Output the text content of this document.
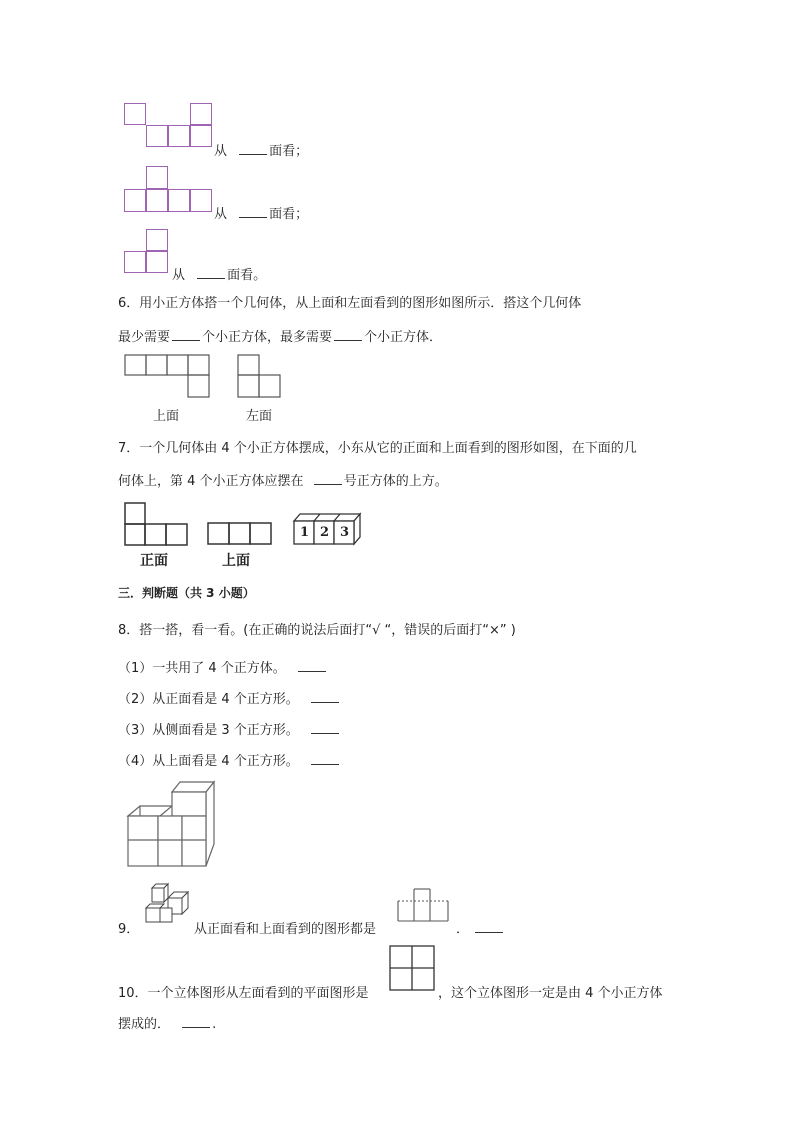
从	面看；
从	面看；
从	面看。
6．用小正方体搭一个几何体，从上面和左面看到的图形如图所示．搭这个几何体
最少需要 个小正方体，最多需要 个小正方体．
上面	左面
7．一个几何体由 4 个小正方体摆成，小东从它的正面和上面看到的图形如图，在下面的几
何体上，第 4 个小正方体应摆在	号正方体的上方。
正面	上面
1 2 3
三．判断题（共 3 小题）
8．搭一搭，看一看。(在正确的说法后面打“√ “，错误的后面打“×” )
（1）一共用了 4 个正方体。
（2）从正面看是 4 个正方形。
（3）从侧面看是 3 个正方形。
（4）从上面看是 4 个正方形。
9．	从正面看和上面看到的图形都是	．
10．一个立体图形从左面看到的平面图形是	，这个立体图形一定是由 4 个小正方体
摆成的．	.
